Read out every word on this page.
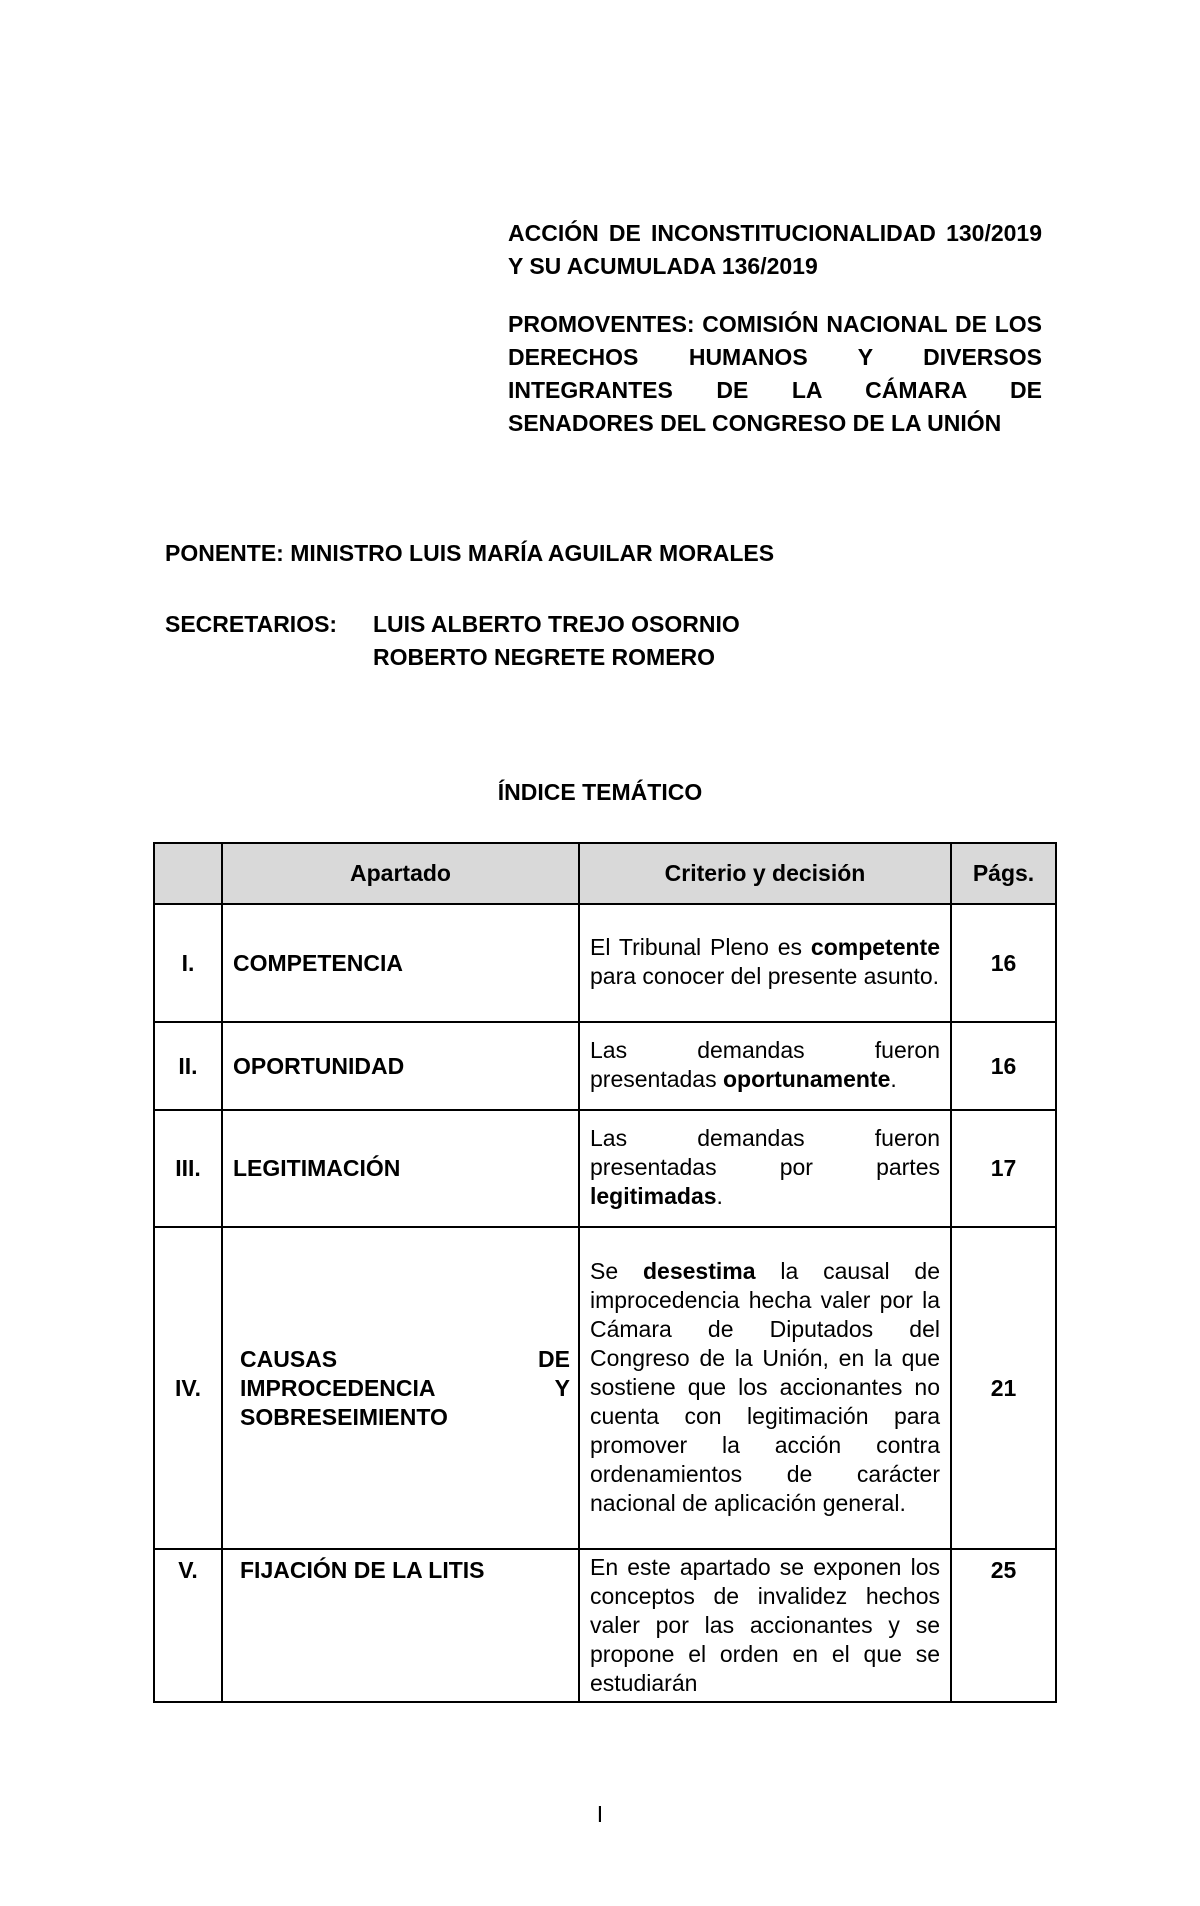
ACCIÓN DE INCONSTITUCIONALIDAD 130/2019 Y SU ACUMULADA 136/2019

PROMOVENTES: COMISIÓN NACIONAL DE LOS DERECHOS HUMANOS Y DIVERSOS INTEGRANTES DE LA CÁMARA DE SENADORES DEL CONGRESO DE LA UNIÓN

PONENTE: MINISTRO LUIS MARÍA AGUILAR MORALES

SECRETARIOS: LUIS ALBERTO TREJO OSORNIO

ROBERTO NEGRETE ROMERO

ÍNDICE TEMÁTICO

	Apartado	Criterio y decisión	Págs.
I.	COMPETENCIA	El Tribunal Pleno es competente para conocer del presente asunto.	16
II.	OPORTUNIDAD	Las demandas fueron presentadas oportunamente.	16
III.	LEGITIMACIÓN	Las demandas fueron presentadas por partes legitimadas.	17
IV.	CAUSAS DE IMPROCEDENCIA Y SOBRESEIMIENTO	Se desestima la causal de improcedencia hecha valer por la Cámara de Diputados del Congreso de la Unión, en la que sostiene que los accionantes no cuenta con legitimación para promover la acción contra ordenamientos de carácter nacional de aplicación general.	21
V.	FIJACIÓN DE LA LITIS	En este apartado se exponen los conceptos de invalidez hechos valer por las accionantes y se propone el orden en el que se estudiarán	25
I
